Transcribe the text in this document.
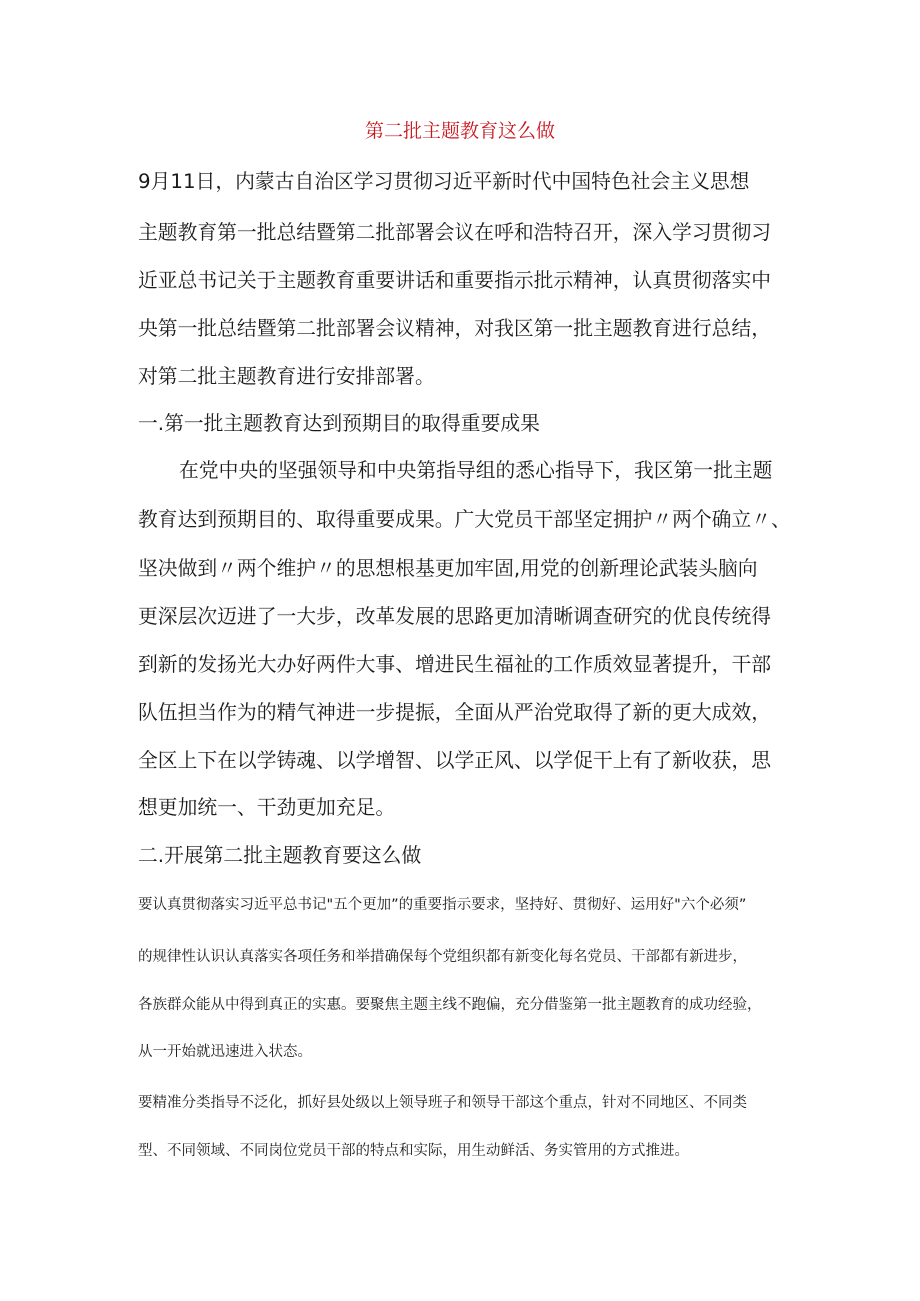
第二批主题教育这么做
9月11日，内蒙古自治区学习贯彻习近平新时代中国特色社会主义思想
主题教育第一批总结暨第二批部署会议在呼和浩特召开，深入学习贯彻习
近亚总书记关于主题教育重要讲话和重要指示批示精神，认真贯彻落实中
央第一批总结暨第二批部署会议精神，对我区第一批主题教育进行总结，
对第二批主题教育进行安排部署。
一.第一批主题教育达到预期目的取得重要成果
在党中央的坚强领导和中央第指导组的悉心指导下，我区第一批主题
教育达到预期目的、取得重要成果。广大党员干部坚定拥护〃两个确立〃、
坚决做到〃两个维护〃的思想根基更加牢固,用党的创新理论武装头脑向
更深层次迈进了一大步，改革发展的思路更加清晰调查研究的优良传统得
到新的发扬光大办好两件大事、增进民生福祉的工作质效显著提升，干部
队伍担当作为的精气神进一步提振，全面从严治党取得了新的更大成效，
全区上下在以学铸魂、以学增智、以学正风、以学促干上有了新收获，思
想更加统一、干劲更加充足。
二.开展第二批主题教育要这么做
要认真贯彻落实习近平总书记"五个更加”的重要指示要求，坚持好、贯彻好、运用好"六个必须”
的规律性认识认真落实各项任务和举措确保每个党组织都有新变化每名党员、干部都有新进步，
各族群众能从中得到真正的实惠。要聚焦主题主线不跑偏，充分借鉴第一批主题教育的成功经验，
从一开始就迅速进入状态。
要精准分类指导不泛化，抓好县处级以上领导班子和领导干部这个重点，针对不同地区、不同类
型、不同领域、不同岗位党员干部的特点和实际，用生动鲜活、务实管用的方式推进。
